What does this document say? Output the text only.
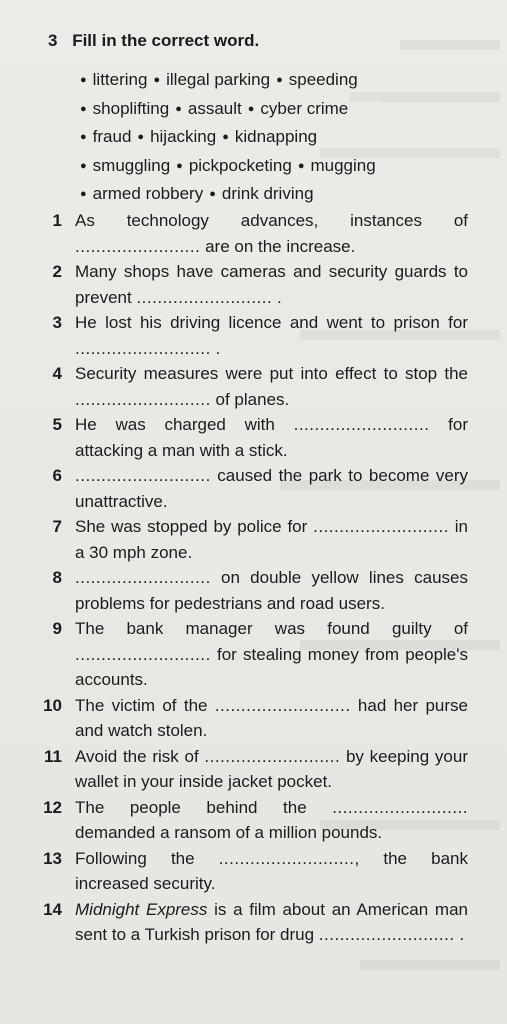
3 Fill in the correct word.
● littering ● illegal parking ● speeding
● shoplifting ● assault ● cyber crime
● fraud ● hijacking ● kidnapping
● smuggling ● pickpocketing ● mugging
● armed robbery ● drink driving
1 As technology advances, instances of ........................ are on the increase.
2 Many shops have cameras and security guards to prevent .......................... .
3 He lost his driving licence and went to prison for .......................... .
4 Security measures were put into effect to stop the .......................... of planes.
5 He was charged with .......................... for attacking a man with a stick.
6 .......................... caused the park to become very unattractive.
7 She was stopped by police for .......................... in a 30 mph zone.
8 .......................... on double yellow lines causes problems for pedestrians and road users.
9 The bank manager was found guilty of .......................... for stealing money from people's accounts.
10 The victim of the .......................... had her purse and watch stolen.
11 Avoid the risk of .......................... by keeping your wallet in your inside jacket pocket.
12 The people behind the .......................... demanded a ransom of a million pounds.
13 Following the .........................., the bank increased security.
14 Midnight Express is a film about an American man sent to a Turkish prison for drug .......................... .
